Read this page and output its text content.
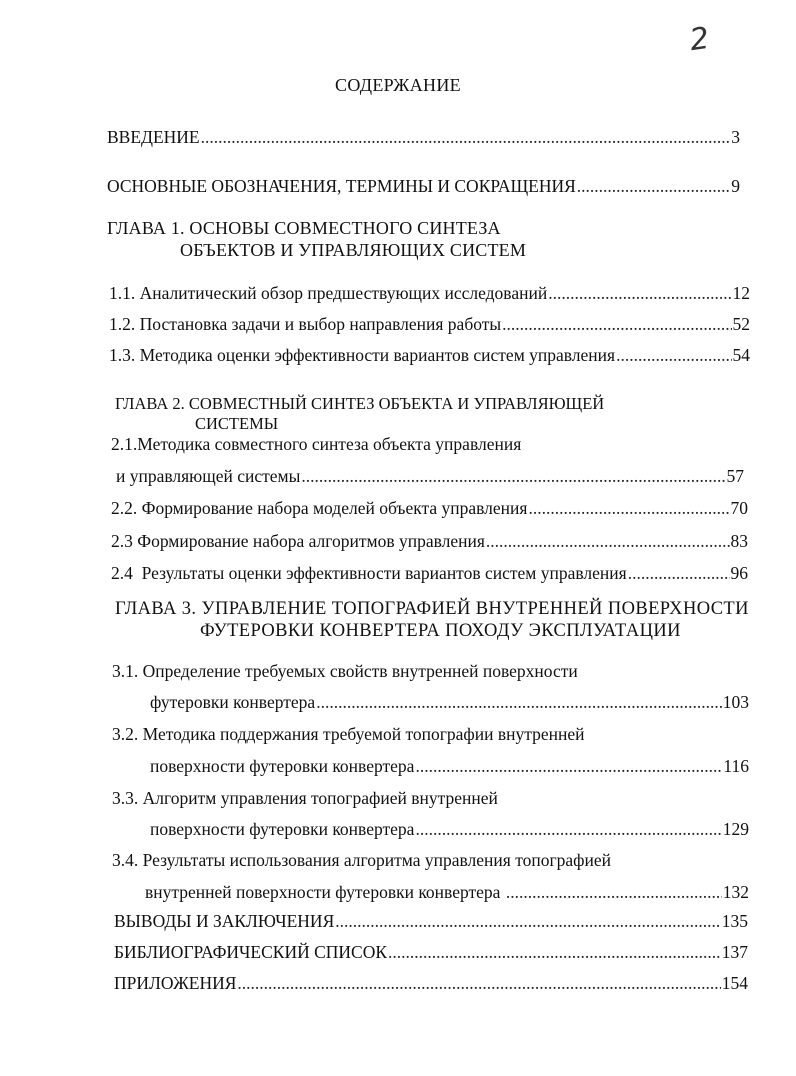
2
СОДЕРЖАНИЕ
ВВЕДЕНИЕ .....	3
ОСНОВНЫЕ ОБОЗНАЧЕНИЯ, ТЕРМИНЫ И СОКРАЩЕНИЯ .....	9
ГЛАВА 1. ОСНОВЫ СОВМЕСТНОГО СИНТЕЗА
ОБЪЕКТОВ И УПРАВЛЯЮЩИХ СИСТЕМ
1.1. Аналитический обзор предшествующих исследований .....	12
1.2. Постановка задачи и выбор направления работы .....	52
1.3. Методика оценки эффективности вариантов систем управления .....	54
ГЛАВА 2. СОВМЕСТНЫЙ СИНТЕЗ ОБЪЕКТА И УПРАВЛЯЮЩЕЙ
СИСТЕМЫ
2.1.Методика совместного синтеза объекта управления
и управляющей системы .....	57
2.2. Формирование набора моделей объекта управления .....	70
2.3 Формирование набора алгоритмов управления .....	83
2.4  Результаты оценки эффективности вариантов систем управления .....	96
ГЛАВА 3. УПРАВЛЕНИЕ ТОПОГРАФИЕЙ ВНУТРЕННЕЙ ПОВЕРХНОСТИ
ФУТЕРОВКИ КОНВЕРТЕРА ПОХОДУ ЭКСПЛУАТАЦИИ
3.1. Определение требуемых свойств внутренней поверхности
футеровки конвертера .....	103
3.2. Методика поддержания требуемой топографии внутренней
поверхности футеровки конвертера .....	116
3.3. Алгоритм управления топографией внутренней
поверхности футеровки конвертера .....	129
3.4. Результаты использования алгоритма управления топографией
внутренней поверхности футеровки конвертера .....	132
ВЫВОДЫ И ЗАКЛЮЧЕНИЯ .....	135
БИБЛИОГРАФИЧЕСКИЙ СПИСОК .....	137
ПРИЛОЖЕНИЯ .....	154
